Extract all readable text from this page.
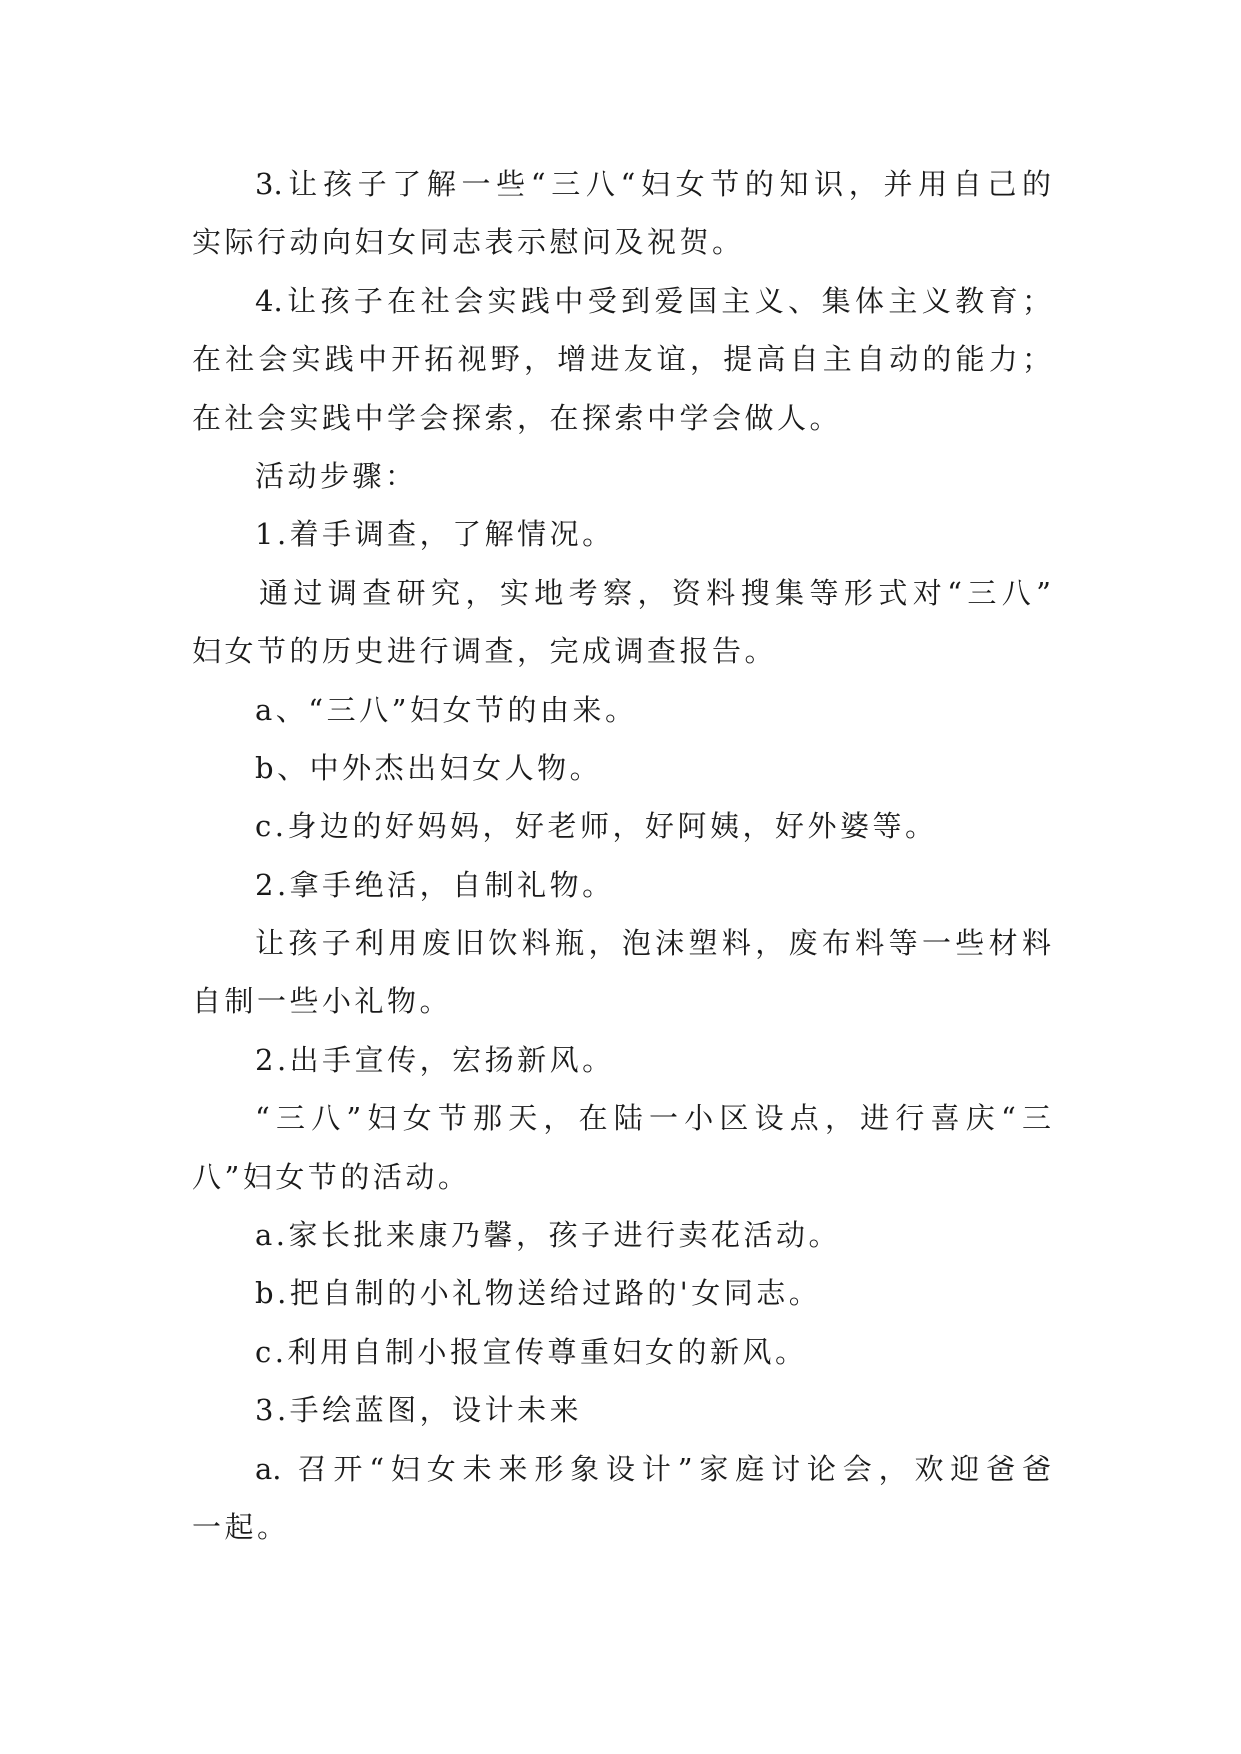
3.让孩子了解一些“三八“妇女节的知识，并用自己的
实际行动向妇女同志表示慰问及祝贺。
4.让孩子在社会实践中受到爱国主义、集体主义教育；
在社会实践中开拓视野，增进友谊，提高自主自动的能力；
在社会实践中学会探索，在探索中学会做人。
活动步骤：
1.着手调查，了解情况。
通过调查研究，实地考察，资料搜集等形式对“三八”
妇女节的历史进行调查，完成调查报告。
a、“三八”妇女节的由来。
b、中外杰出妇女人物。
c.身边的好妈妈，好老师，好阿姨，好外婆等。
2.拿手绝活，自制礼物。
让孩子利用废旧饮料瓶，泡沫塑料，废布料等一些材料
自制一些小礼物。
2.出手宣传，宏扬新风。
“三八”妇女节那天，在陆一小区设点，进行喜庆“三
八”妇女节的活动。
a.家长批来康乃馨，孩子进行卖花活动。
b.把自制的小礼物送给过路的'女同志。
c.利用自制小报宣传尊重妇女的新风。
3.手绘蓝图，设计未来
a. 召开“妇女未来形象设计”家庭讨论会，欢迎爸爸
一起。
